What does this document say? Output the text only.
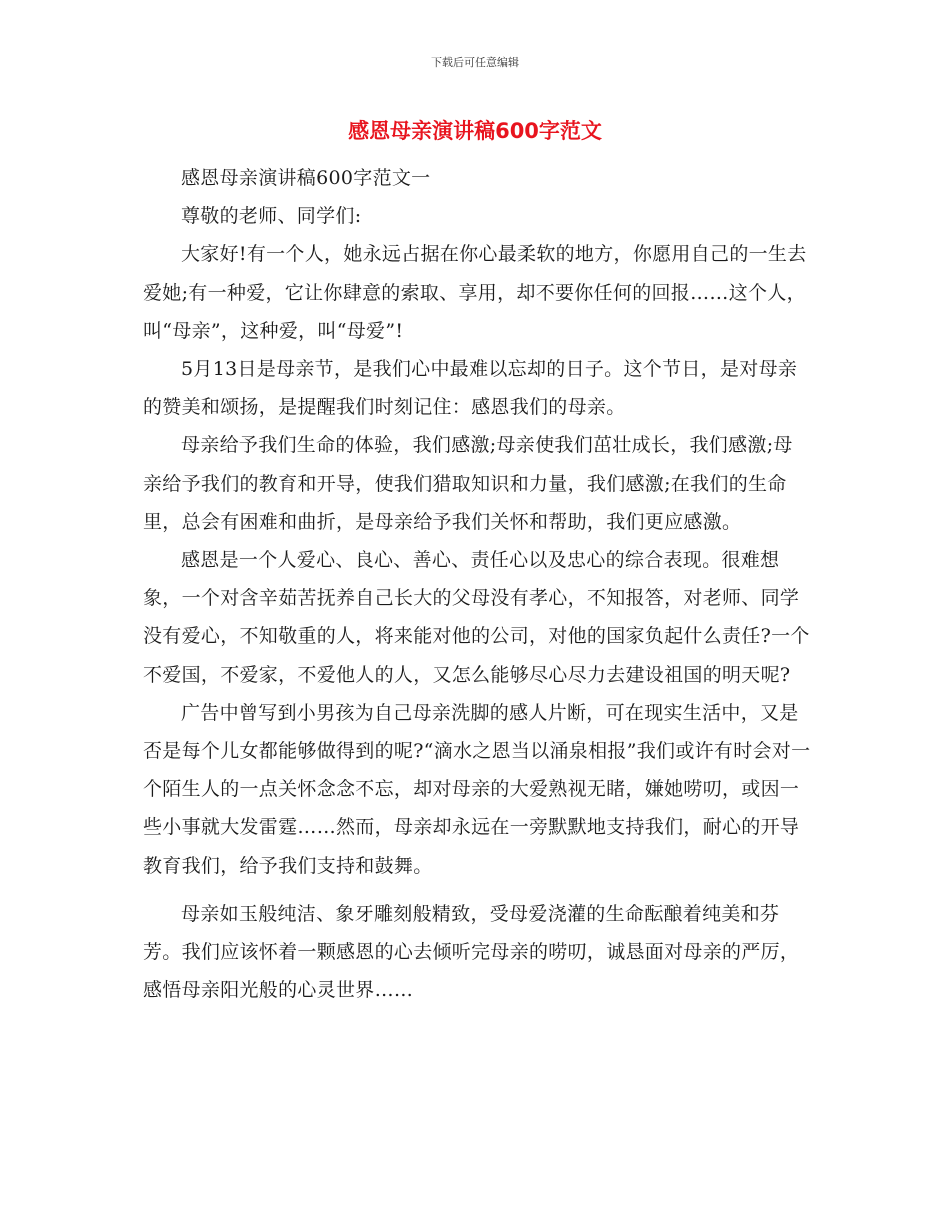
下载后可任意编辑
感恩母亲演讲稿600字范文

感恩母亲演讲稿600字范文一

尊敬的老师、同学们:

大家好!有一个人，她永远占据在你心最柔软的地方，你愿用自己的一生去爱她;有一种爱，它让你肆意的索取、享用，却不要你任何的回报……这个人，叫“母亲”，这种爱，叫“母爱”!

5月13日是母亲节，是我们心中最难以忘却的日子。这个节日，是对母亲的赞美和颂扬，是提醒我们时刻记住：感恩我们的母亲。

母亲给予我们生命的体验，我们感激;母亲使我们茁壮成长，我们感激;母亲给予我们的教育和开导，使我们猎取知识和力量，我们感激;在我们的生命里，总会有困难和曲折，是母亲给予我们关怀和帮助，我们更应感激。

感恩是一个人爱心、良心、善心、责任心以及忠心的综合表现。很难想象，一个对含辛茹苦抚养自己长大的父母没有孝心，不知报答，对老师、同学没有爱心，不知敬重的人，将来能对他的公司，对他的国家负起什么责任?一个不爱国，不爱家，不爱他人的人，又怎么能够尽心尽力去建设祖国的明天呢?

广告中曾写到小男孩为自己母亲洗脚的感人片断，可在现实生活中，又是否是每个儿女都能够做得到的呢?“滴水之恩当以涌泉相报”我们或许有时会对一个陌生人的一点关怀念念不忘，却对母亲的大爱熟视无睹，嫌她唠叨，或因一些小事就大发雷霆……然而，母亲却永远在一旁默默地支持我们，耐心的开导教育我们，给予我们支持和鼓舞。

母亲如玉般纯洁、象牙雕刻般精致，受母爱浇灌的生命酝酿着纯美和芬芳。我们应该怀着一颗感恩的心去倾听完母亲的唠叨，诚恳面对母亲的严厉，感悟母亲阳光般的心灵世界……
